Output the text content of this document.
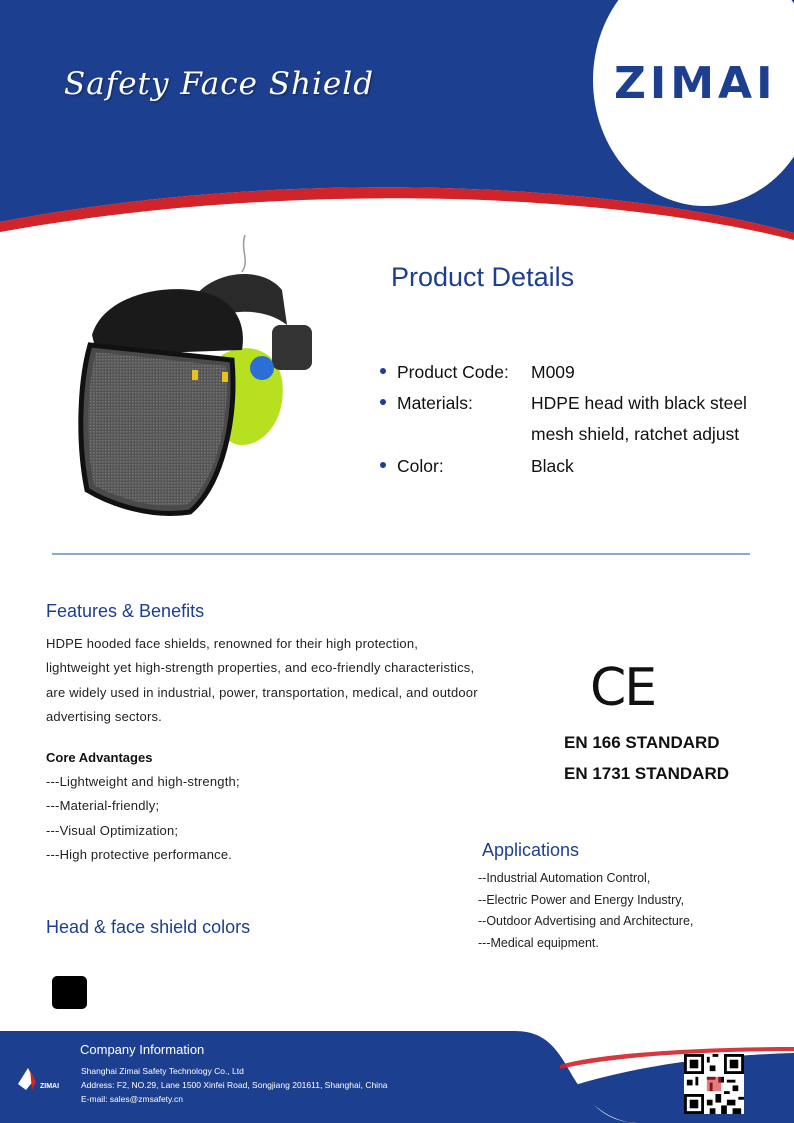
Safety Face Shield	ZIMAI
Product Details
Product Code: M009
Materials:	HDPE head with black steel
mesh shield, ratchet adjust
Color:	Black
Features & Benefits
HDPE hooded face shields, renowned for their high protection,
lightweight yet high-strength properties, and eco-friendly characteristics,
are widely used in industrial, power, transportation, medical, and outdoor
advertising sectors.
Core Advantages
---Lightweight and high-strength;
---Material-friendly;
---Visual Optimization;
---High protective performance.
CE
EN 166 STANDARD
EN 1731 STANDARD
Applications
--Industrial Automation Control,
--Electric Power and Energy Industry,
--Outdoor Advertising and Architecture,
---Medical equipment.
Head & face shield colors
ZIMAI
Company Information
Shanghai Zimai Safety Technology Co., Ltd
Address: F2, NO.29, Lane 1500 Xinfei Road, Songjiang 201611, Shanghai, China
E-mail: sales@zmsafety.cn
